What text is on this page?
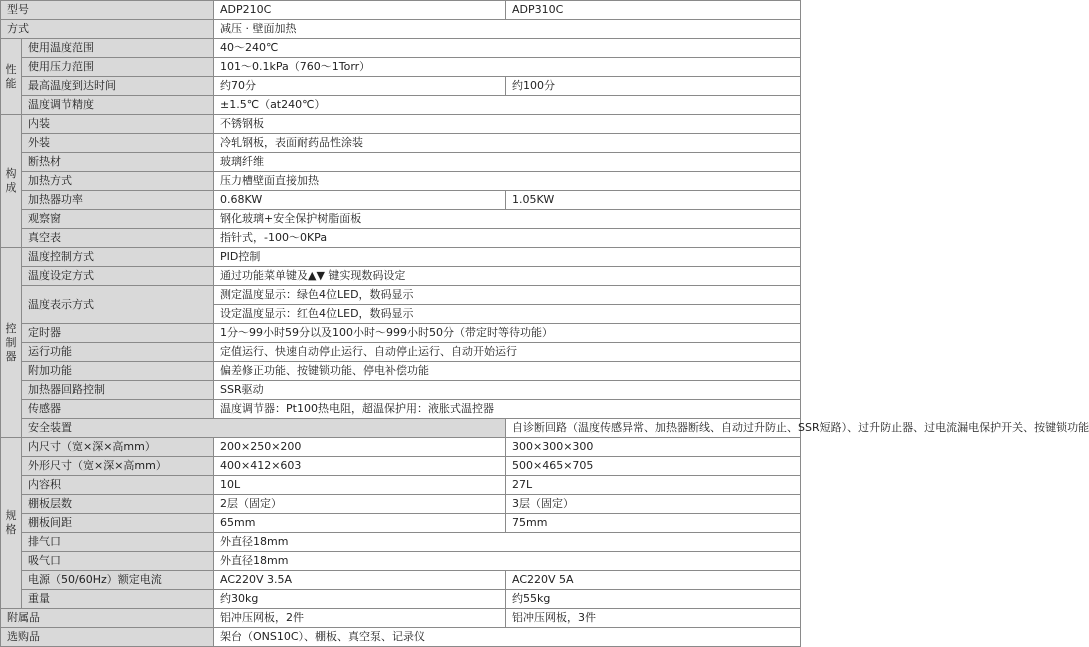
型号		ADP210C	ADP310C
方式		减压 · 壁面加热	
性能	使用温度范围	40～240℃	
	使用压力范围	101～0.1kPa（760～1Torr）	
	最高温度到达时间	约70分	约100分
	温度调节精度	±1.5℃（at240℃）	
构成	内装	不锈钢板	
	外装	冷轧钢板，表面耐药品性涂装	
	断热材	玻璃纤维	
	加热方式	压力槽壁面直接加热	
	加热器功率	0.68KW	1.05KW
	观察窗	钢化玻璃+安全保护树脂面板	
	真空表	指针式，-100～0KPa	
控制器	温度控制方式	PID控制	
	温度设定方式	通过功能菜单键及▲▼ 键实现数码设定	
	温度表示方式	测定温度显示：绿色4位LED，数码显示	
		设定温度显示：红色4位LED，数码显示	
	定时器	1分～99小时59分以及100小时～999小时50分（带定时等待功能）	
	运行功能	定值运行、快速自动停止运行、自动停止运行、自动开始运行	
	附加功能	偏差修正功能、按键锁功能、停电补偿功能	
	加热器回路控制	SSR驱动	
	传感器	温度调节器：Pt100热电阻，超温保护用：液胀式温控器	
	安全装置		自诊断回路（温度传感异常、加热器断线、自动过升防止、SSR短路）、过升防止器、过电流漏电保护开关、按键锁功能
规格	内尺寸（宽×深×高mm）	200×250×200	300×300×300
	外形尺寸（宽×深×高mm）	400×412×603	500×465×705
	内容积	10L	27L
	棚板层数	2层（固定）	3层（固定）
	棚板间距	65mm	75mm
	排气口	外直径18mm	
	吸气口	外直径18mm	
	电源（50/60Hz）额定电流	AC220V 3.5A	AC220V 5A
	重量	约30kg	约55kg
附属品		铝冲压网板，2件	铝冲压网板，3件
选购品		架台（ONS10C）、棚板、真空泵、记录仪	
